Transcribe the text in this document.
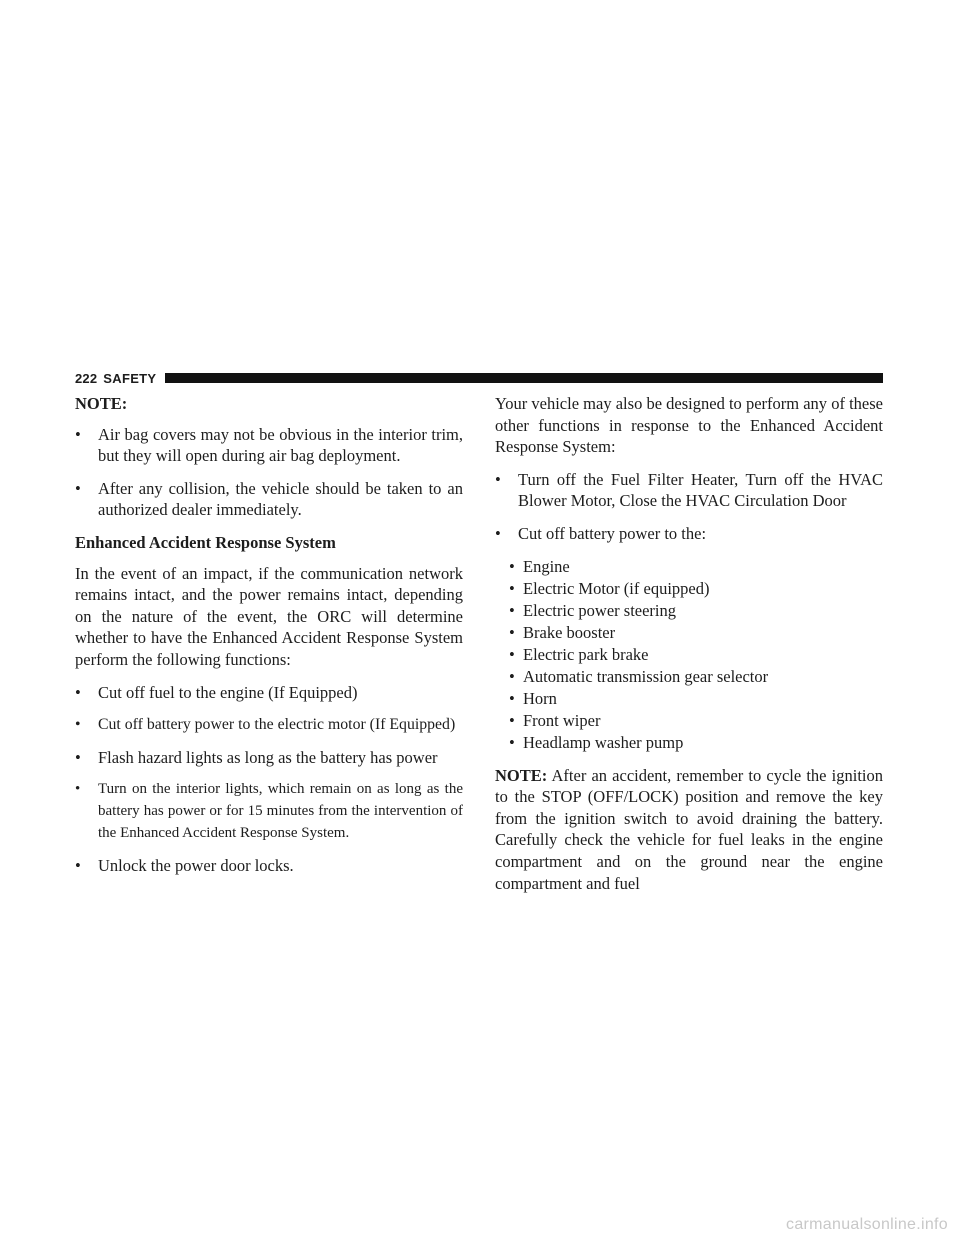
222 SAFETY
NOTE:
• Air bag covers may not be obvious in the interior trim, but they will open during air bag deployment.
• After any collision, the vehicle should be taken to an authorized dealer immediately.
Enhanced Accident Response System

In the event of an impact, if the communication network remains intact, and the power remains intact, depending on the nature of the event, the ORC will determine whether to have the Enhanced Accident Response System perform the following functions:

• Cut off fuel to the engine (If Equipped)
• Cut off battery power to the electric motor (If Equipped)
• Flash hazard lights as long as the battery has power
• Turn on the interior lights, which remain on as long as the battery has power or for 15 minutes from the intervention of the Enhanced Accident Response System.
• Unlock the power door locks.

Your vehicle may also be designed to perform any of these other functions in response to the Enhanced Accident Response System:

• Turn off the Fuel Filter Heater, Turn off the HVAC Blower Motor, Close the HVAC Circulation Door
• Cut off battery power to the:
• Engine
• Electric Motor (if equipped)
• Electric power steering
• Brake booster
• Electric park brake
• Automatic transmission gear selector
• Horn
• Front wiper
• Headlamp washer pump

NOTE: After an accident, remember to cycle the ignition to the STOP (OFF/LOCK) position and remove the key from the ignition switch to avoid draining the battery. Carefully check the vehicle for fuel leaks in the engine compartment and on the ground near the engine compartment and fuel

carmanualsonline.info
